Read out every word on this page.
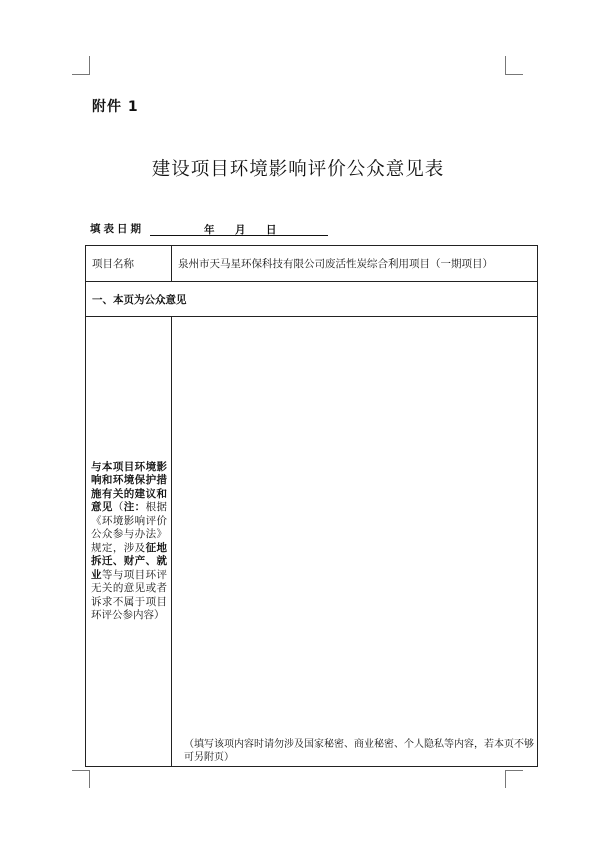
附件 1
建设项目环境影响评价公众意见表
填表日期	年 月 日
项目名称	泉州市天马星环保科技有限公司废活性炭综合利用项目（一期项目）
一、本页为公众意见	
与本项目环境影响和环境保护措施有关的建议和意见（注：根据《环境影响评价公众参与办法》规定，涉及征地拆迁、财产、就业等与项目环评无关的意见或者诉求不属于项目环评公参内容）	（填写该项内容时请勿涉及国家秘密、商业秘密、个人隐私等内容，若本页不够可另附页）
